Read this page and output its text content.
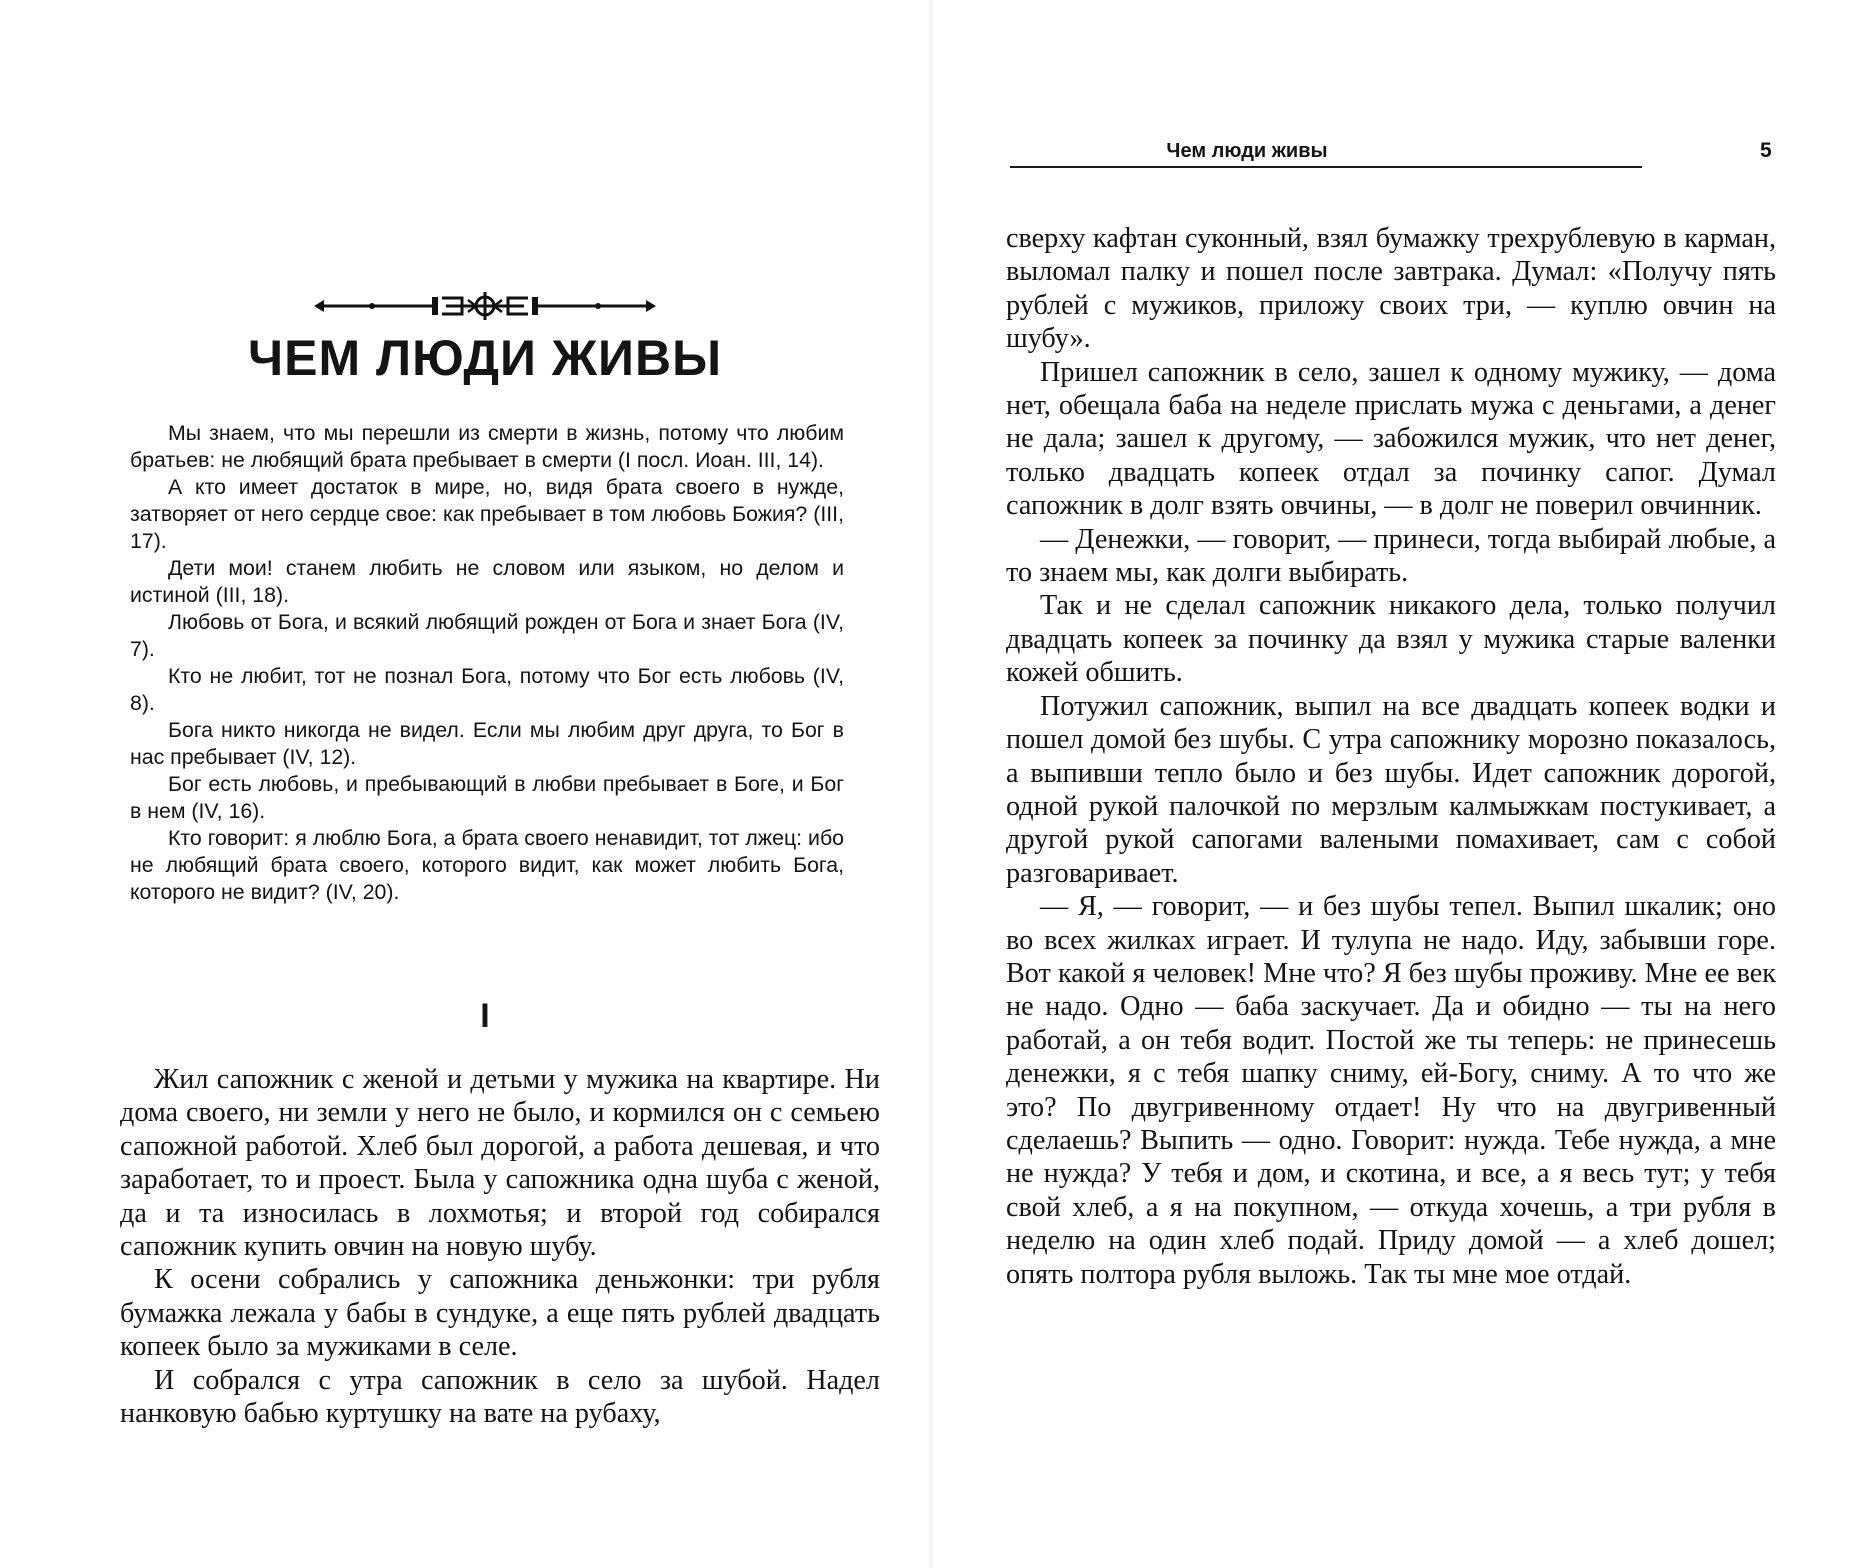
ЧЕМ ЛЮДИ ЖИВЫ

Мы знаем, что мы перешли из смерти в жизнь, потому что любим братьев: не любящий брата пребывает в смерти (I посл. Иоан. III, 14).

А кто имеет достаток в мире, но, видя брата своего в нужде, затворяет от него сердце свое: как пребывает в том любовь Божия? (III, 17).

Дети мои! станем любить не словом или языком, но делом и истиной (III, 18).

Любовь от Бога, и всякий любящий рожден от Бога и знает Бога (IV, 7).

Кто не любит, тот не познал Бога, потому что Бог есть любовь (IV, 8).

Бога никто никогда не видел. Если мы любим друг друга, то Бог в нас пребывает (IV, 12).

Бог есть любовь, и пребывающий в любви пребывает в Боге, и Бог в нем (IV, 16).

Кто говорит: я люблю Бога, а брата своего ненавидит, тот лжец: ибо не любящий брата своего, которого видит, как может любить Бога, которого не видит? (IV, 20).

I

Жил сапожник с женой и детьми у мужика на квартире. Ни дома своего, ни земли у него не было, и кормился он с семьею сапожной работой. Хлеб был дорогой, а работа дешевая, и что заработает, то и проест. Была у сапожника одна шуба с женой, да и та износилась в лохмотья; и второй год собирался сапожник купить овчин на новую шубу.

К осени собрались у сапожника деньжонки: три рубля бумажка лежала у бабы в сундуке, а еще пять рублей двадцать копеек было за мужиками в селе.

И собрался с утра сапожник в село за шубой. Надел нанковую бабью куртушку на вате на рубаху,

Чем люди живы	5

сверху кафтан суконный, взял бумажку трехрублевую в карман, выломал палку и пошел после завтрака. Думал: «Получу пять рублей с мужиков, приложу своих три, — куплю овчин на шубу».

Пришел сапожник в село, зашел к одному мужику, — дома нет, обещала баба на неделе прислать мужа с деньгами, а денег не дала; зашел к другому, — забожился мужик, что нет денег, только двадцать копеек отдал за починку сапог. Думал сапожник в долг взять овчины, — в долг не поверил овчинник.

— Денежки, — говорит, — принеси, тогда выбирай любые, а то знаем мы, как долги выбирать.

Так и не сделал сапожник никакого дела, только получил двадцать копеек за починку да взял у мужика старые валенки кожей обшить.

Потужил сапожник, выпил на все двадцать копеек водки и пошел домой без шубы. С утра сапожнику морозно показалось, а выпивши тепло было и без шубы. Идет сапожник дорогой, одной рукой палочкой по мерзлым калмыжкам постукивает, а другой рукой сапогами валеными помахивает, сам с собой разговаривает.

— Я, — говорит, — и без шубы тепел. Выпил шкалик; оно во всех жилках играет. И тулупа не надо. Иду, забывши горе. Вот какой я человек! Мне что? Я без шубы проживу. Мне ее век не надо. Одно — баба заскучает. Да и обидно — ты на него работай, а он тебя водит. Постой же ты теперь: не принесешь денежки, я с тебя шапку сниму, ей-Богу, сниму. А то что же это? По двугривенному отдает! Ну что на двугривенный сделаешь? Выпить — одно. Говорит: нужда. Тебе нужда, а мне не нужда? У тебя и дом, и скотина, и все, а я весь тут; у тебя свой хлеб, а я на покупном, — откуда хочешь, а три рубля в неделю на один хлеб подай. Приду домой — а хлеб дошел; опять полтора рубля выложь. Так ты мне мое отдай.
